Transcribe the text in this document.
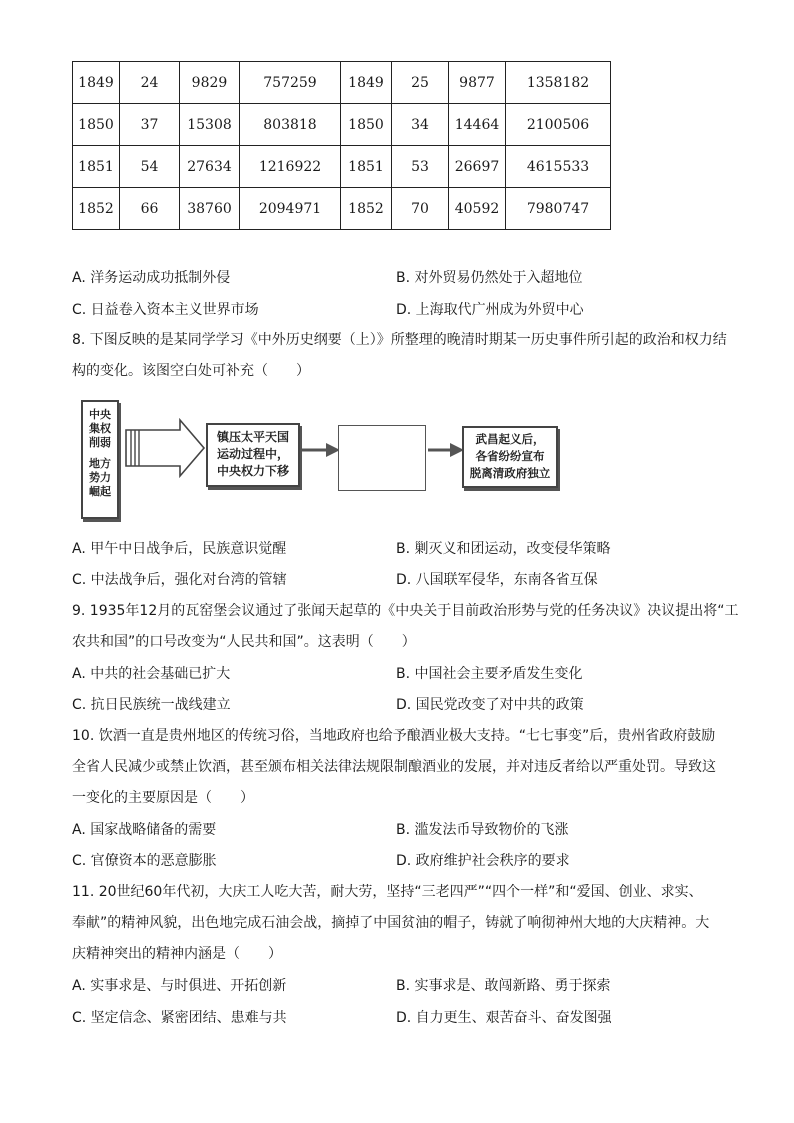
1849	24	9829	757259	1849	25	9877	1358182
1850	37	15308	803818	1850	34	14464	2100506
1851	54	27634	1216922	1851	53	26697	4615533
1852	66	38760	2094971	1852	70	40592	7980747
A. 洋务运动成功抵制外侵	B. 对外贸易仍然处于入超地位
C. 日益卷入资本主义世界市场	D. 上海取代广州成为外贸中心
8. 下图反映的是某同学学习《中外历史纲要（上）》所整理的晚清时期某一历史事件所引起的政治和权力结
构的变化。该图空白处可补充（　　）
中央
集权
削弱
地方
势力
崛起
镇压太平天国
运动过程中，
中央权力下移
武昌起义后，
各省纷纷宣布
脱离清政府独立
A. 甲午中日战争后，民族意识觉醒	B. 剿灭义和团运动，改变侵华策略
C. 中法战争后，强化对台湾的管辖	D. 八国联军侵华，东南各省互保
9. 1935年12月的瓦窑堡会议通过了张闻天起草的《中央关于目前政治形势与党的任务决议》决议提出将“工
农共和国”的口号改变为“人民共和国”。这表明（　　）
A. 中共的社会基础已扩大	B. 中国社会主要矛盾发生变化
C. 抗日民族统一战线建立	D. 国民党改变了对中共的政策
10. 饮酒一直是贵州地区的传统习俗，当地政府也给予酿酒业极大支持。“七七事变”后，贵州省政府鼓励
全省人民减少或禁止饮酒，甚至颁布相关法律法规限制酿酒业的发展，并对违反者给以严重处罚。导致这
一变化的主要原因是（　　）
A. 国家战略储备的需要	B. 滥发法币导致物价的飞涨
C. 官僚资本的恶意膨胀	D. 政府维护社会秩序的要求
11. 20世纪60年代初，大庆工人吃大苦，耐大劳，坚持“三老四严”“四个一样”和“爱国、创业、求实、
奉献”的精神风貌，出色地完成石油会战，摘掉了中国贫油的帽子，铸就了响彻神州大地的大庆精神。大
庆精神突出的精神内涵是（　　）
A. 实事求是、与时俱进、开拓创新	B. 实事求是、敢闯新路、勇于探索
C. 坚定信念、紧密团结、患难与共	D. 自力更生、艰苦奋斗、奋发图强
